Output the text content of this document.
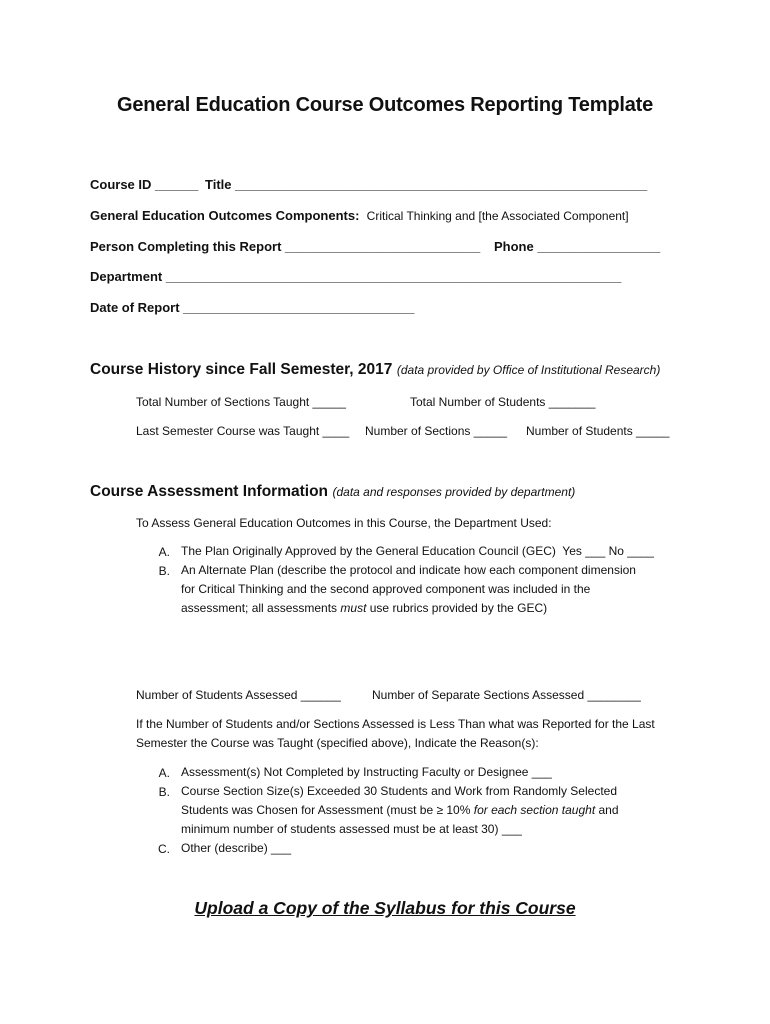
General Education Course Outcomes Reporting Template
Course ID ______ Title _________________________________________________________
General Education Outcomes Components: Critical Thinking and [the Associated Component]
Person Completing this Report ___________________________ Phone _________________
Department _______________________________________________________________
Date of Report ________________________________
Course History since Fall Semester, 2017 (data provided by Office of Institutional Research)
Total Number of Sections Taught _____	Total Number of Students _______
Last Semester Course was Taught ____ Number of Sections _____ Number of Students _____
Course Assessment Information (data and responses provided by department)
To Assess General Education Outcomes in this Course, the Department Used:
A. The Plan Originally Approved by the General Education Council (GEC)  Yes ___ No ____
B. An Alternate Plan (describe the protocol and indicate how each component dimension
for Critical Thinking and the second approved component was included in the
assessment; all assessments must use rubrics provided by the GEC)
Number of Students Assessed ______	Number of Separate Sections Assessed ________
If the Number of Students and/or Sections Assessed is Less Than what was Reported for the Last
Semester the Course was Taught (specified above), Indicate the Reason(s):
A. Assessment(s) Not Completed by Instructing Faculty or Designee ___
B. Course Section Size(s) Exceeded 30 Students and Work from Randomly Selected
Students was Chosen for Assessment (must be ≥ 10% for each section taught and
minimum number of students assessed must be at least 30) ___
C. Other (describe) ___
Upload a Copy of the Syllabus for this Course
